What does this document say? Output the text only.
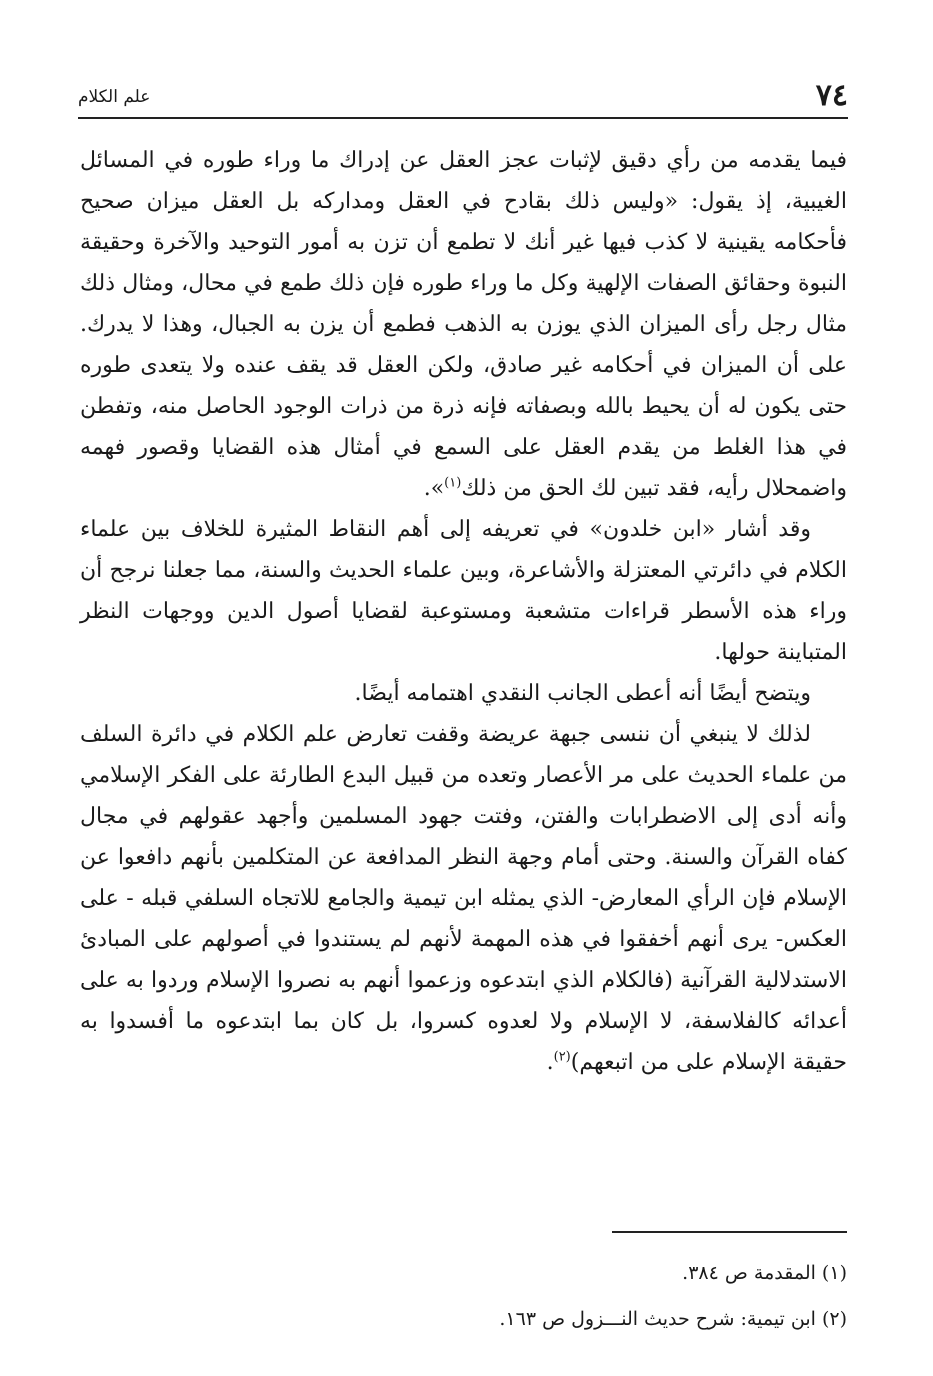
٧٤
علم الكلام

فيما يقدمه من رأي دقيق لإثبات عجز العقل عن إدراك ما وراء طوره في المسائل الغيبية، إذ يقول: «وليس ذلك بقادح في العقل ومداركه بل العقل ميزان صحيح فأحكامه يقينية لا كذب فيها غير أنك لا تطمع أن تزن به أمور التوحيد والآخرة وحقيقة النبوة وحقائق الصفات الإلهية وكل ما وراء طوره فإن ذلك طمع في محال، ومثال ذلك مثال رجل رأى الميزان الذي يوزن به الذهب فطمع أن يزن به الجبال، وهذا لا يدرك. على أن الميزان في أحكامه غير صادق، ولكن العقل قد يقف عنده ولا يتعدى طوره حتى يكون له أن يحيط بالله وبصفاته فإنه ذرة من ذرات الوجود الحاصل منه، وتفطن في هذا الغلط من يقدم العقل على السمع في أمثال هذه القضايا وقصور فهمه واضمحلال رأيه، فقد تبين لك الحق من ذلك$^{(١)}$».

وقد أشار «ابن خلدون» في تعريفه إلى أهم النقاط المثيرة للخلاف بين علماء الكلام في دائرتي المعتزلة والأشاعرة، وبين علماء الحديث والسنة، مما جعلنا نرجح أن وراء هذه الأسطر قراءات متشعبة ومستوعبة لقضايا أصول الدين ووجهات النظر المتباينة حولها.

ويتضح أيضًا أنه أعطى الجانب النقدي اهتمامه أيضًا.

لذلك لا ينبغي أن ننسى جبهة عريضة وقفت تعارض علم الكلام في دائرة السلف من علماء الحديث على مر الأعصار وتعده من قبيل البدع الطارئة على الفكر الإسلامي وأنه أدى إلى الاضطرابات والفتن، وفتت جهود المسلمين وأجهد عقولهم في مجال كفاه القرآن والسنة. وحتى أمام وجهة النظر المدافعة عن المتكلمين بأنهم دافعوا عن الإسلام فإن الرأي المعارض- الذي يمثله ابن تيمية والجامع للاتجاه السلفي قبله - على العكس- يرى أنهم أخفقوا في هذه المهمة لأنهم لم يستندوا في أصولهم على المبادئ الاستدلالية القرآنية (فالكلام الذي ابتدعوه وزعموا أنهم به نصروا الإسلام وردوا به على أعدائه كالفلاسفة، لا الإسلام ولا لعدوه كسروا، بل كان بما ابتدعوه ما أفسدوا به حقيقة الإسلام على من اتبعهم)$^{(٢)}$.

(١) المقدمة ص ٣٨٤.

(٢) ابن تيمية: شرح حديث النـــزول ص ١٦٣.
